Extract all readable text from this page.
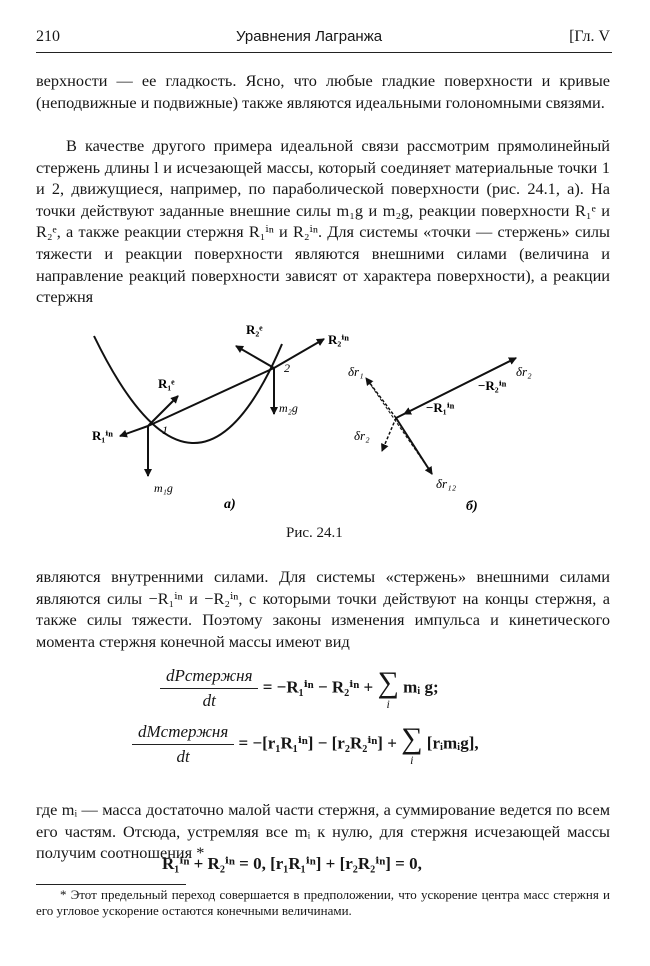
210	Уравнения Лагранжа	[Гл. V

верхности — ее гладкость. Ясно, что любые гладкие поверхности и кривые (неподвижные и подвижные) также являются идеальными голономными связями.

В качестве другого примера идеальной связи рассмотрим прямолинейный стержень длины l и исчезающей массы, который соединяет материальные точки 1 и 2, движущиеся, например, по параболической поверхности (рис. 24.1, a). На точки действуют заданные внешние силы m₁g и m₂g, реакции поверхности R₁ᵉ и R₂ᵉ, а также реакции стержня R₁ⁱⁿ и R₂ⁱⁿ. Для системы «точки — стержень» силы тяжести и реакции поверхности являются внешними силами (величина и направление реакций поверхности зависят от характера поверхности), а реакции стержня

R₂ᵉ
R₂ⁱⁿ
2
m₂g
R₁ᵉ
R₁ⁱⁿ	1
m₁g
a)
δr₁	δr₂
−R₂ⁱⁿ
−R₁ⁱⁿ
δr₂
δr₁₂
б)
Рис. 24.1

являются внутренними силами. Для системы «стержень» внешними силами являются силы −R₁ⁱⁿ и −R₂ⁱⁿ, с которыми точки действуют на концы стержня, а также силы тяжести. Поэтому законы изменения импульса и кинетического момента стержня конечной массы имеют вид

$\frac{\text{dPстержня}}{dt} = -R_1^{in} - R_2^{in}$ + ∑
i
mᵢ g;
$\frac{\text{dMстержня}}{dt} = -[r_1R_1^{in}] - [r_2R_2^{in}]$ + ∑
i
[rᵢmᵢg],

где mᵢ — масса достаточно малой части стержня, а суммирование ведется по всем его частям. Отсюда, устремляя все mᵢ к нулю, для стержня исчезающей массы получим соотношения *

R₁ⁱⁿ + R₂ⁱⁿ = 0, [r₁R₁ⁱⁿ] + [r₂R₂ⁱⁿ] = 0,

* Этот предельный переход совершается в предположении, что ускорение центра масс стержня и его угловое ускорение остаются конечными величинами.
